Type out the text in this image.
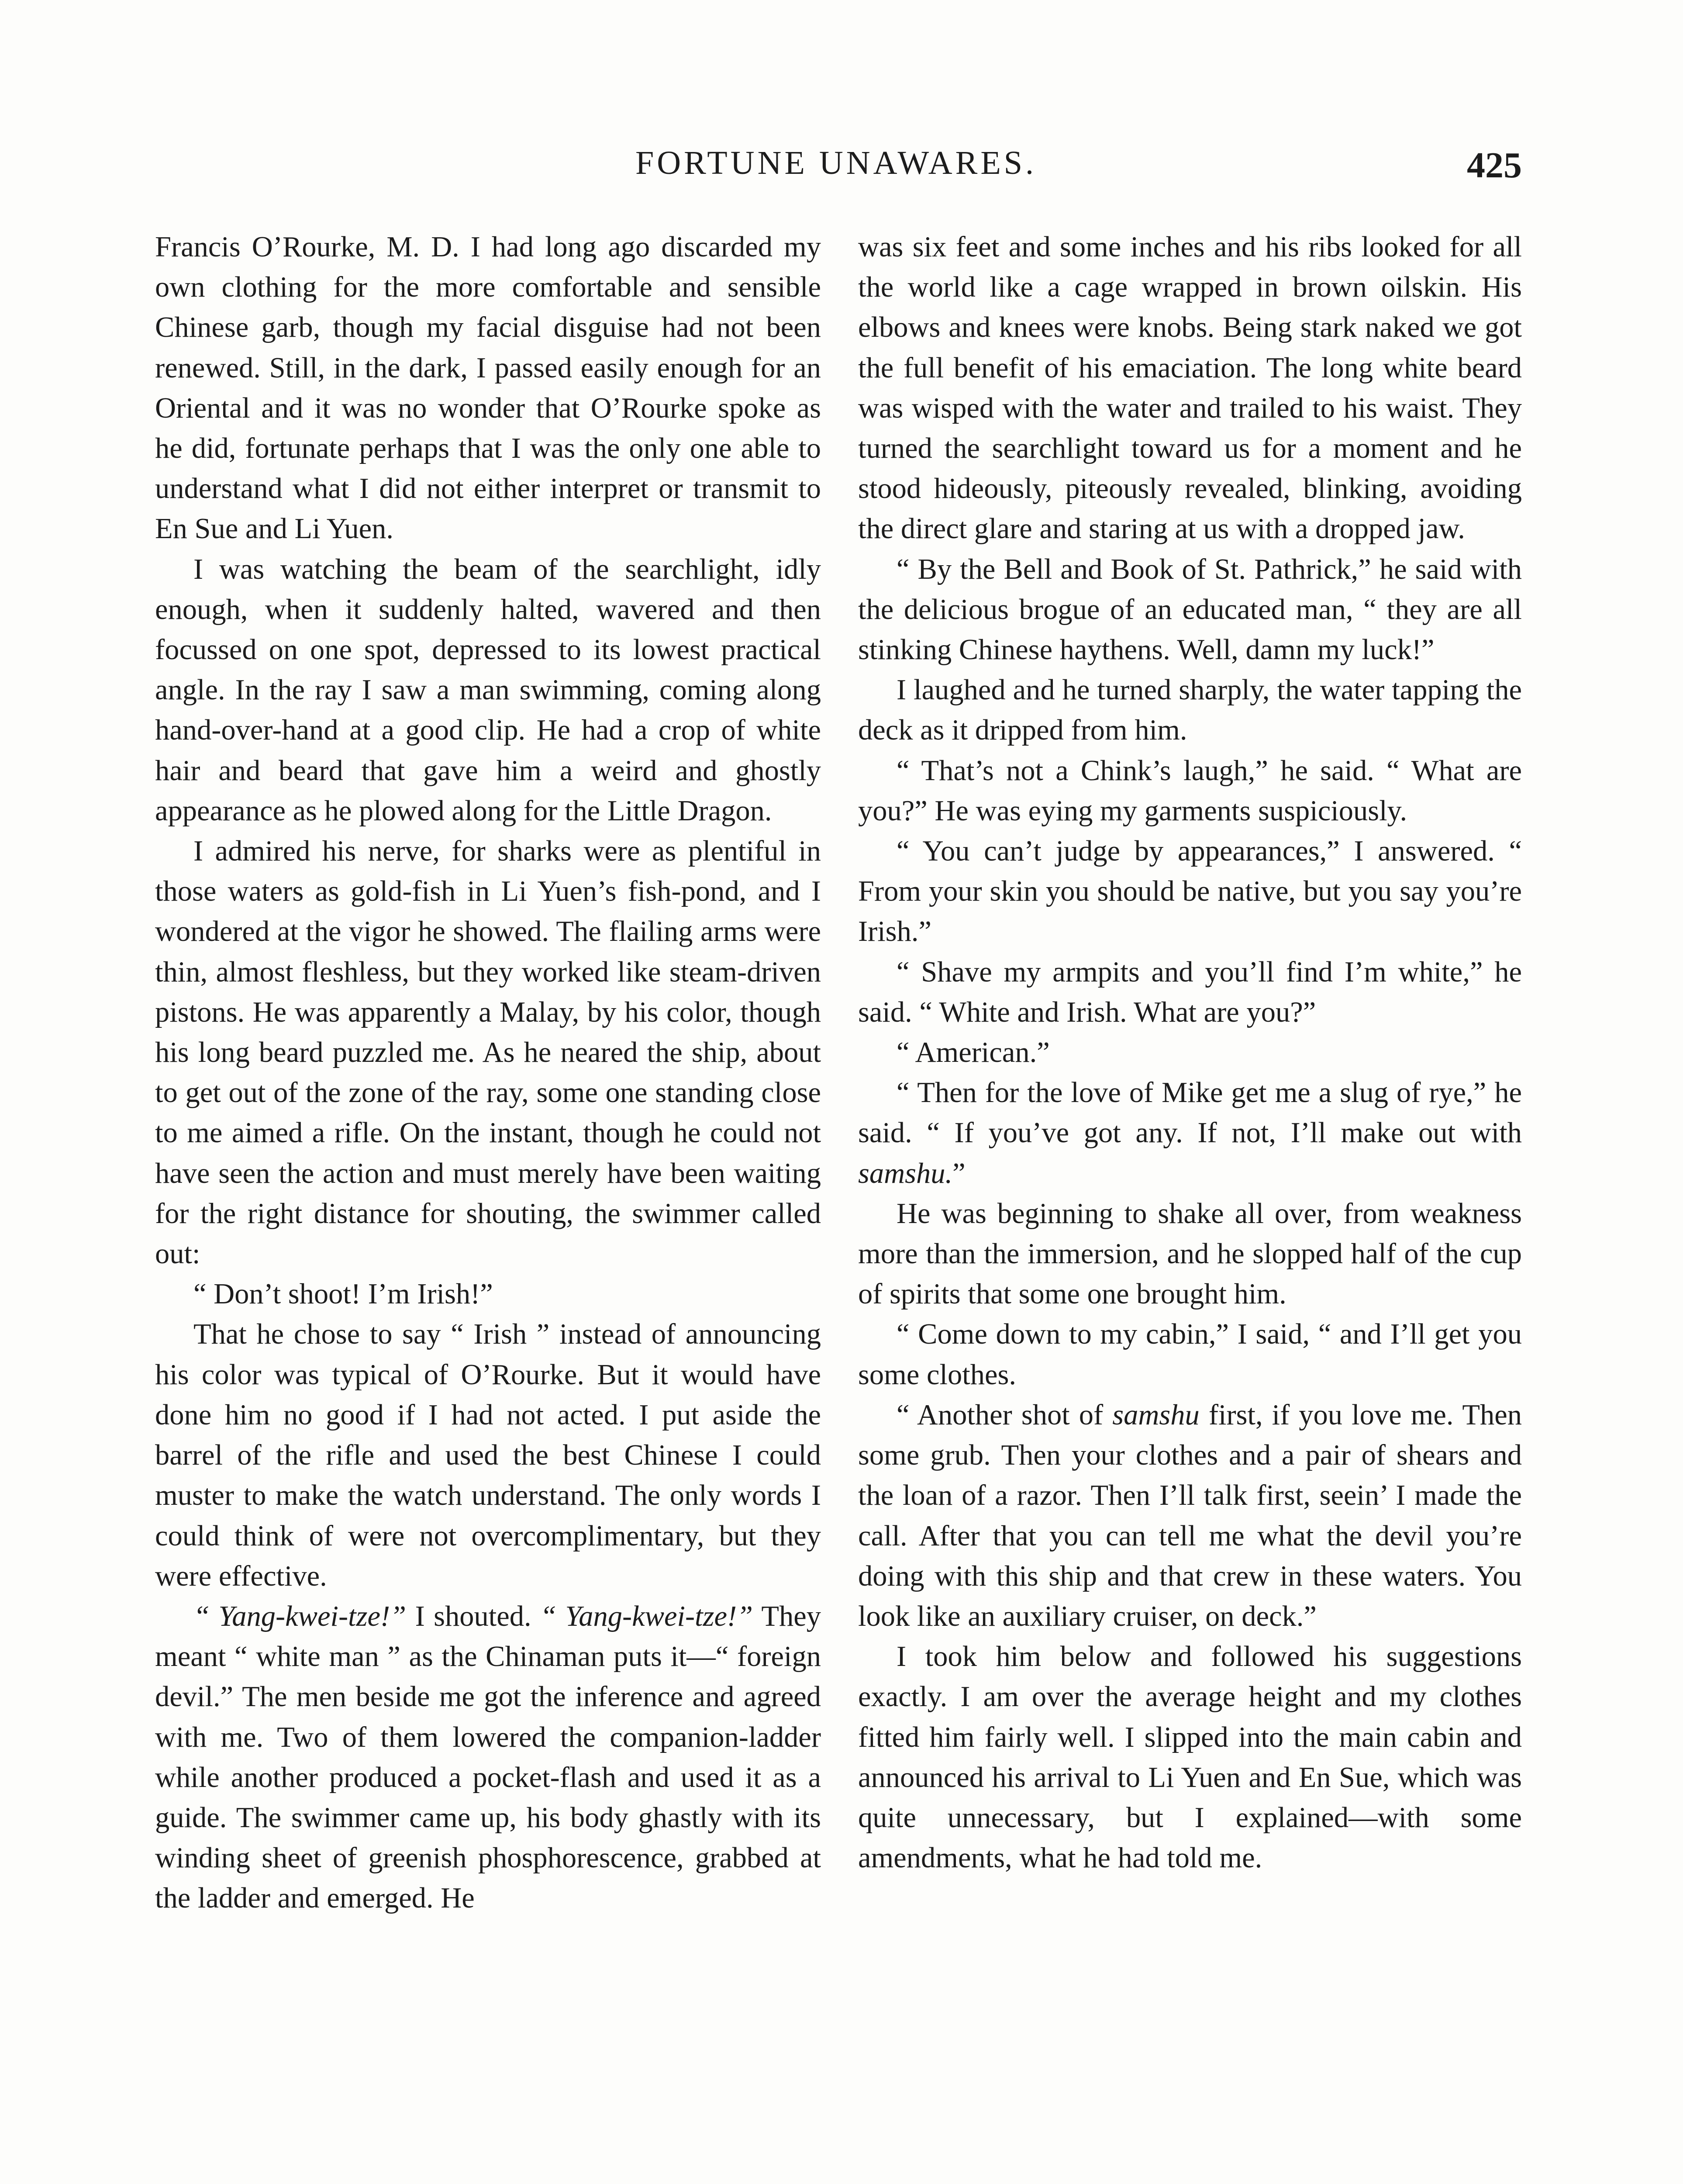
FORTUNE UNAWARES.	425

Francis O’Rourke, M. D. I had long ago discarded my own clothing for the more comfortable and sensible Chinese garb, though my facial disguise had not been renewed. Still, in the dark, I passed easily enough for an Oriental and it was no wonder that O’Rourke spoke as he did, fortunate perhaps that I was the only one able to understand what I did not either interpret or transmit to En Sue and Li Yuen.

I was watching the beam of the searchlight, idly enough, when it suddenly halted, wavered and then focussed on one spot, depressed to its lowest practical angle. In the ray I saw a man swimming, coming along hand-over-hand at a good clip. He had a crop of white hair and beard that gave him a weird and ghostly appearance as he plowed along for the Little Dragon.

I admired his nerve, for sharks were as plentiful in those waters as gold-fish in Li Yuen’s fish-pond, and I wondered at the vigor he showed. The flailing arms were thin, almost fleshless, but they worked like steam-driven pistons. He was apparently a Malay, by his color, though his long beard puzzled me. As he neared the ship, about to get out of the zone of the ray, some one standing close to me aimed a rifle. On the instant, though he could not have seen the action and must merely have been waiting for the right distance for shouting, the swimmer called out:

“ Don’t shoot! I’m Irish!”

That he chose to say “ Irish ” instead of announcing his color was typical of O’Rourke. But it would have done him no good if I had not acted. I put aside the barrel of the rifle and used the best Chinese I could muster to make the watch understand. The only words I could think of were not overcomplimentary, but they were effective.

“ Yang-kwei-tze!” I shouted. “ Yang-kwei-tze!” They meant “ white man ” as the Chinaman puts it—“ foreign devil.” The men beside me got the inference and agreed with me. Two of them lowered the companion-ladder while another produced a pocket-flash and used it as a guide. The swimmer came up, his body ghastly with its winding sheet of greenish phosphorescence, grabbed at the ladder and emerged. He

was six feet and some inches and his ribs looked for all the world like a cage wrapped in brown oilskin. His elbows and knees were knobs. Being stark naked we got the full benefit of his emaciation. The long white beard was wisped with the water and trailed to his waist. They turned the searchlight toward us for a moment and he stood hideously, piteously revealed, blinking, avoiding the direct glare and staring at us with a dropped jaw.

“ By the Bell and Book of St. Pathrick,” he said with the delicious brogue of an educated man, “ they are all stinking Chinese haythens. Well, damn my luck!”

I laughed and he turned sharply, the water tapping the deck as it dripped from him.

“ That’s not a Chink’s laugh,” he said. “ What are you?” He was eying my garments suspiciously.

“ You can’t judge by appearances,” I answered. “ From your skin you should be native, but you say you’re Irish.”

“ Shave my armpits and you’ll find I’m white,” he said. “ White and Irish. What are you?”

“ American.”

“ Then for the love of Mike get me a slug of rye,” he said. “ If you’ve got any. If not, I’ll make out with samshu.”

He was beginning to shake all over, from weakness more than the immersion, and he slopped half of the cup of spirits that some one brought him.

“ Come down to my cabin,” I said, “ and I’ll get you some clothes.

“ Another shot of samshu first, if you love me. Then some grub. Then your clothes and a pair of shears and the loan of a razor. Then I’ll talk first, seein’ I made the call. After that you can tell me what the devil you’re doing with this ship and that crew in these waters. You look like an auxiliary cruiser, on deck.”

I took him below and followed his suggestions exactly. I am over the average height and my clothes fitted him fairly well. I slipped into the main cabin and announced his arrival to Li Yuen and En Sue, which was quite unnecessary, but I explained—with some amendments, what he had told me.
